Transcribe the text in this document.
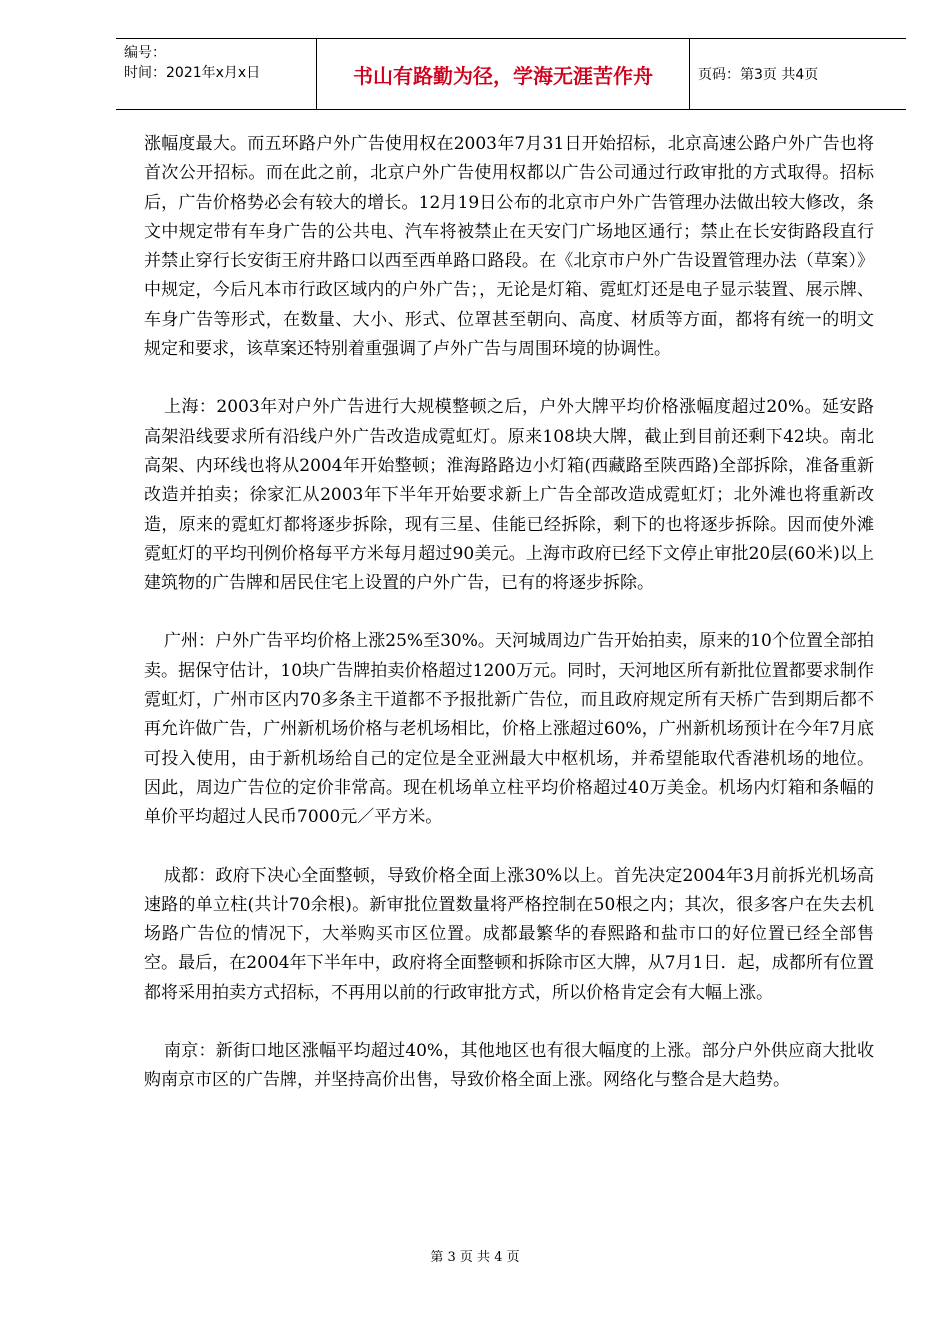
编号：
时间：2021年x月x日	书山有路勤为径，学海无涯苦作舟	页码：第3页 共4页

涨幅度最大。而五环路户外广告使用权在2003年7月31日开始招标，北京高速公路户外广告也将首次公开招标。而在此之前，北京户外广告使用权都以广告公司通过行政审批的方式取得。招标后，广告价格势必会有较大的增长。12月19日公布的北京市户外广告管理办法做出较大修改，条文中规定带有车身广告的公共电、汽车将被禁止在天安门广场地区通行；禁止在长安街路段直行并禁止穿行长安街王府井路口以西至西单路口路段。在《北京市户外广告设置管理办法（草案）》中规定，今后凡本市行政区域内的户外广告；，无论是灯箱、霓虹灯还是电子显示装置、展示牌、车身广告等形式，在数量、大小、形式、位罩甚至朝向、高度、材质等方面，都将有统一的明文规定和要求，该草案还特别着重强调了卢外广告与周围环境的协调性。

上海：2003年对户外广告进行大规模整顿之后，户外大牌平均价格涨幅度超过20%。延安路高架沿线要求所有沿线户外广告改造成霓虹灯。原来108块大牌，截止到目前还剩下42块。南北高架、内环线也将从2004年开始整顿；淮海路路边小灯箱(西藏路至陕西路)全部拆除，准备重新改造并拍卖；徐家汇从2003年下半年开始要求新上广告全部改造成霓虹灯；北外滩也将重新改造，原来的霓虹灯都将逐步拆除，现有三星、佳能已经拆除，剩下的也将逐步拆除。因而使外滩霓虹灯的平均刊例价格每平方米每月超过90美元。上海市政府已经下文停止审批20层(60米)以上建筑物的广告牌和居民住宅上设置的户外广告，已有的将逐步拆除。

广州：户外广告平均价格上涨25%至30%。天河城周边广告开始拍卖，原来的10个位置全部拍卖。据保守估计，10块广告牌拍卖价格超过1200万元。同时，天河地区所有新批位置都要求制作霓虹灯，广州市区内70多条主干道都不予报批新广告位，而且政府规定所有天桥广告到期后都不再允许做广告，广州新机场价格与老机场相比，价格上涨超过60%，广州新机场预计在今年7月底可投入使用，由于新机场给自己的定位是全亚洲最大中枢机场，并希望能取代香港机场的地位。因此，周边广告位的定价非常高。现在机场单立柱平均价格超过40万美金。机场内灯箱和条幅的单价平均超过人民币7000元／平方米。

成都：政府下决心全面整顿，导致价格全面上涨30%以上。首先决定2004年3月前拆光机场高速路的单立柱(共计70余根)。新审批位置数量将严格控制在50根之内；其次，很多客户在失去机场路广告位的情况下，大举购买市区位置。成都最繁华的春熙路和盐市口的好位置已经全部售空。最后，在2004年下半年中，政府将全面整顿和拆除市区大牌，从7月1日．起，成都所有位置都将采用拍卖方式招标，不再用以前的行政审批方式，所以价格肯定会有大幅上涨。

南京：新街口地区涨幅平均超过40%，其他地区也有很大幅度的上涨。部分户外供应商大批收购南京市区的广告牌，并坚持高价出售，导致价格全面上涨。网络化与整合是大趋势。

第 3 页 共 4 页
